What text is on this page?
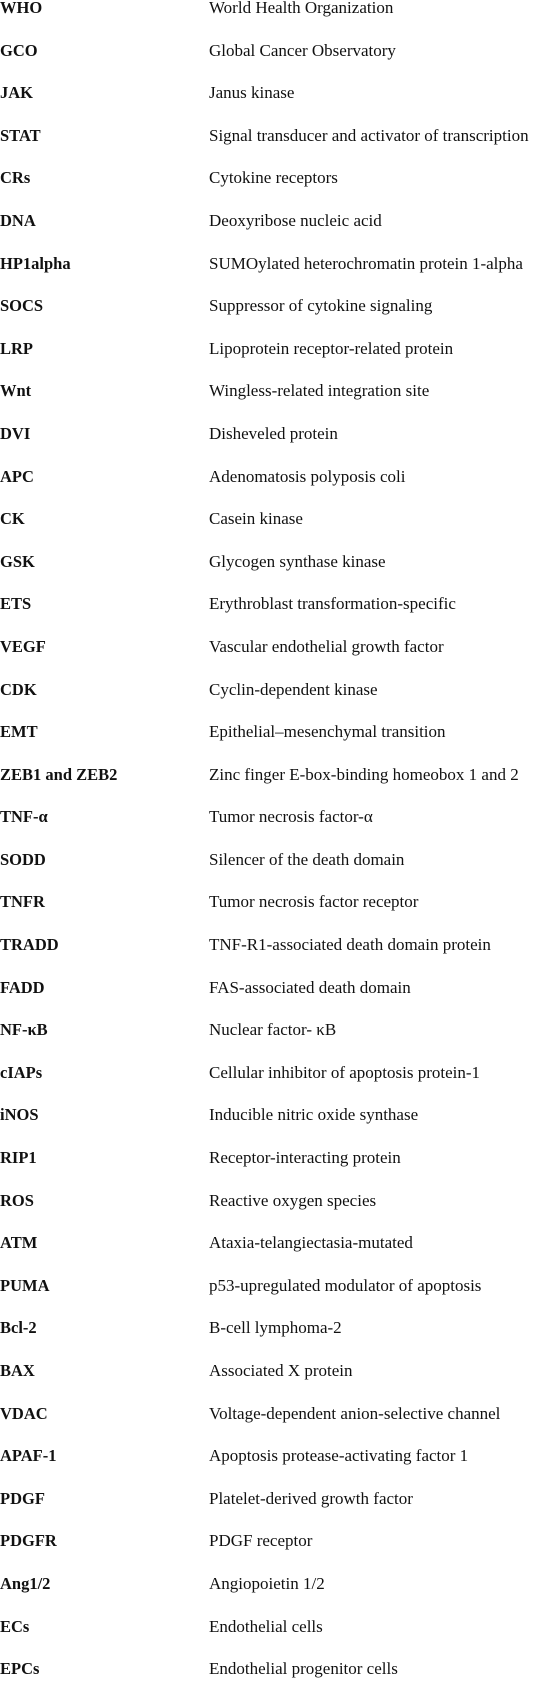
WHO	World Health Organization
GCO	Global Cancer Observatory
JAK	Janus kinase
STAT	Signal transducer and activator of transcription
CRs	Cytokine receptors
DNA	Deoxyribose nucleic acid
HP1alpha	SUMOylated heterochromatin protein 1-alpha
SOCS	Suppressor of cytokine signaling
LRP	Lipoprotein receptor-related protein
Wnt	Wingless-related integration site
DVI	Disheveled protein
APC	Adenomatosis polyposis coli
CK	Casein kinase
GSK	Glycogen synthase kinase
ETS	Erythroblast transformation-specific
VEGF	Vascular endothelial growth factor
CDK	Cyclin-dependent kinase
EMT	Epithelial–mesenchymal transition
ZEB1 and ZEB2	Zinc finger E-box-binding homeobox 1 and 2
TNF-α	Tumor necrosis factor-α
SODD	Silencer of the death domain
TNFR	Tumor necrosis factor receptor
TRADD	TNF-R1-associated death domain protein
FADD	FAS-associated death domain
NF-κB	Nuclear factor- κB
cIAPs	Cellular inhibitor of apoptosis protein-1
iNOS	Inducible nitric oxide synthase
RIP1	Receptor-interacting protein
ROS	Reactive oxygen species
ATM	Ataxia-telangiectasia-mutated
PUMA	p53-upregulated modulator of apoptosis
Bcl-2	B-cell lymphoma-2
BAX	Associated X protein
VDAC	Voltage-dependent anion-selective channel
APAF-1	Apoptosis protease-activating factor 1
PDGF	Platelet-derived growth factor
PDGFR	PDGF receptor
Ang1/2	Angiopoietin 1/2
ECs	Endothelial cells
EPCs	Endothelial progenitor cells
